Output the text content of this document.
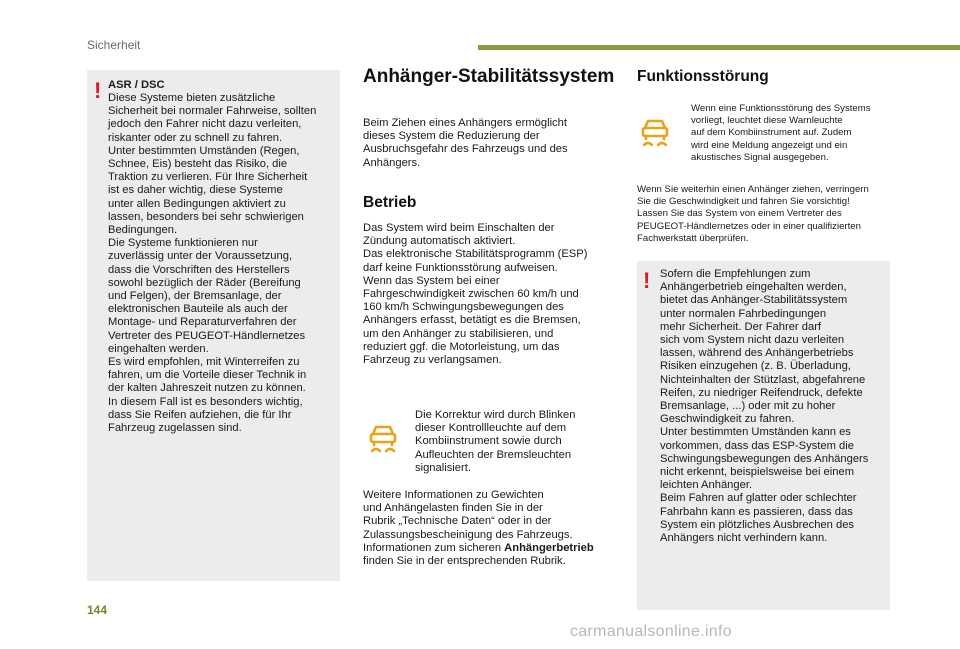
Sicherheit
! ASR / DSC
Diese Systeme bieten zusätzliche
Sicherheit bei normaler Fahrweise, sollten
jedoch den Fahrer nicht dazu verleiten,
riskanter oder zu schnell zu fahren.
Unter bestimmten Umständen (Regen,
Schnee, Eis) besteht das Risiko, die
Traktion zu verlieren. Für Ihre Sicherheit
ist es daher wichtig, diese Systeme
unter allen Bedingungen aktiviert zu
lassen, besonders bei sehr schwierigen
Bedingungen.
Die Systeme funktionieren nur
zuverlässig unter der Voraussetzung,
dass die Vorschriften des Herstellers
sowohl bezüglich der Räder (Bereifung
und Felgen), der Bremsanlage, der
elektronischen Bauteile als auch der
Montage- und Reparaturverfahren der
Vertreter des PEUGEOT-Händlernetzes
eingehalten werden.
Es wird empfohlen, mit Winterreifen zu
fahren, um die Vorteile dieser Technik in
der kalten Jahreszeit nutzen zu können.
In diesem Fall ist es besonders wichtig,
dass Sie Reifen aufziehen, die für Ihr
Fahrzeug zugelassen sind.
Anhänger-Stabilitätssystem
Beim Ziehen eines Anhängers ermöglicht
dieses System die Reduzierung der
Ausbruchsgefahr des Fahrzeugs und des
Anhängers.
Betrieb
Das System wird beim Einschalten der
Zündung automatisch aktiviert.
Das elektronische Stabilitätsprogramm (ESP)
darf keine Funktionsstörung aufweisen.
Wenn das System bei einer
Fahrgeschwindigkeit zwischen 60 km/h und
160 km/h Schwingungsbewegungen des
Anhängers erfasst, betätigt es die Bremsen,
um den Anhänger zu stabilisieren, und
reduziert ggf. die Motorleistung, um das
Fahrzeug zu verlangsamen.
Die Korrektur wird durch Blinken
dieser Kontrollleuchte auf dem
Kombiinstrument sowie durch
Aufleuchten der Bremsleuchten
signalisiert.
Weitere Informationen zu Gewichten
und Anhängelasten finden Sie in der
Rubrik „Technische Daten“ oder in der
Zulassungsbescheinigung des Fahrzeugs.
Informationen zum sicheren Anhängerbetrieb
finden Sie in der entsprechenden Rubrik.
Funktionsstörung
Wenn eine Funktionsstörung des Systems
vorliegt, leuchtet diese Warnleuchte
auf dem Kombiinstrument auf. Zudem
wird eine Meldung angezeigt und ein
akustisches Signal ausgegeben.
Wenn Sie weiterhin einen Anhänger ziehen, verringern
Sie die Geschwindigkeit und fahren Sie vorsichtig!
Lassen Sie das System von einem Vertreter des
PEUGEOT-Händlernetzes oder in einer qualifizierten
Fachwerkstatt überprüfen.
! Sofern die Empfehlungen zum
Anhängerbetrieb eingehalten werden,
bietet das Anhänger-Stabilitätssystem
unter normalen Fahrbedingungen
mehr Sicherheit. Der Fahrer darf
sich vom System nicht dazu verleiten
lassen, während des Anhängerbetriebs
Risiken einzugehen (z. B. Überladung,
Nichteinhalten der Stützlast, abgefahrene
Reifen, zu niedriger Reifendruck, defekte
Bremsanlage, ...) oder mit zu hoher
Geschwindigkeit zu fahren.
Unter bestimmten Umständen kann es
vorkommen, dass das ESP-System die
Schwingungsbewegungen des Anhängers
nicht erkennt, beispielsweise bei einem
leichten Anhänger.
Beim Fahren auf glatter oder schlechter
Fahrbahn kann es passieren, dass das
System ein plötzliches Ausbrechen des
Anhängers nicht verhindern kann.
144
carmanualsonline.info
